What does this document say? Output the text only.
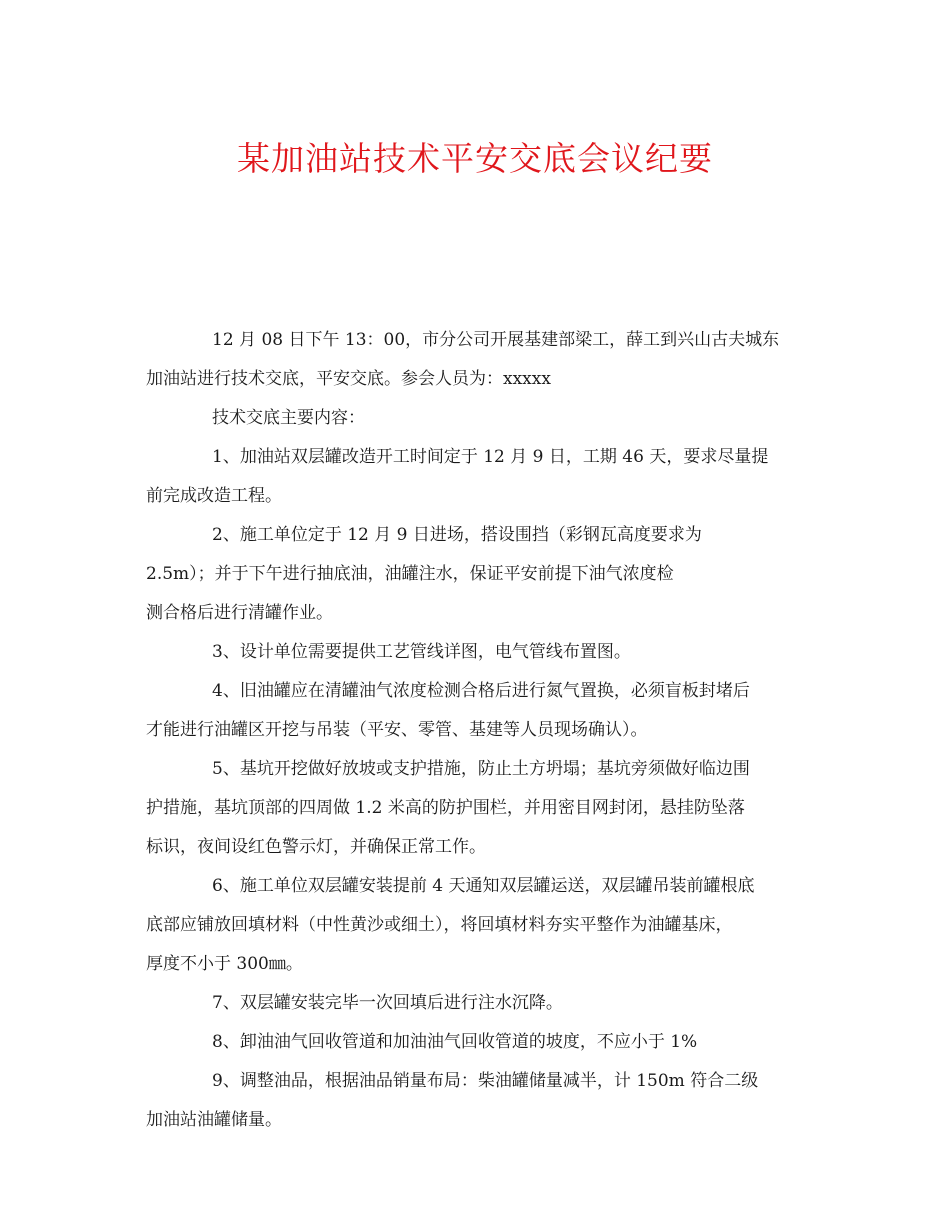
某加油站技术平安交底会议纪要
12 月 08 日下午 13：00，市分公司开展基建部梁工，薛工到兴山古夫城东
加油站进行技术交底，平安交底。参会人员为：xxxxx
技术交底主要内容：
1、加油站双层罐改造开工时间定于 12 月 9 日，工期 46 天，要求尽量提
前完成改造工程。
2、施工单位定于 12 月 9 日进场，搭设围挡（彩钢瓦高度要求为
2.5m）；并于下午进行抽底油，油罐注水，保证平安前提下油气浓度检
测合格后进行清罐作业。
3、设计单位需要提供工艺管线详图，电气管线布置图。
4、旧油罐应在清罐油气浓度检测合格后进行氮气置换，必须盲板封堵后
才能进行油罐区开挖与吊装（平安、零管、基建等人员现场确认）。
5、基坑开挖做好放坡或支护措施，防止土方坍塌；基坑旁须做好临边围
护措施，基坑顶部的四周做 1.2 米高的防护围栏，并用密目网封闭，悬挂防坠落
标识，夜间设红色警示灯，并确保正常工作。
6、施工单位双层罐安装提前 4 天通知双层罐运送，双层罐吊装前罐根底
底部应铺放回填材料（中性黄沙或细土），将回填材料夯实平整作为油罐基床，
厚度不小于 300㎜。
7、双层罐安装完毕一次回填后进行注水沉降。
8、卸油油气回收管道和加油油气回收管道的坡度，不应小于 1%
9、调整油品，根据油品销量布局：柴油罐储量减半，计 150m 符合二级
加油站油罐储量。
